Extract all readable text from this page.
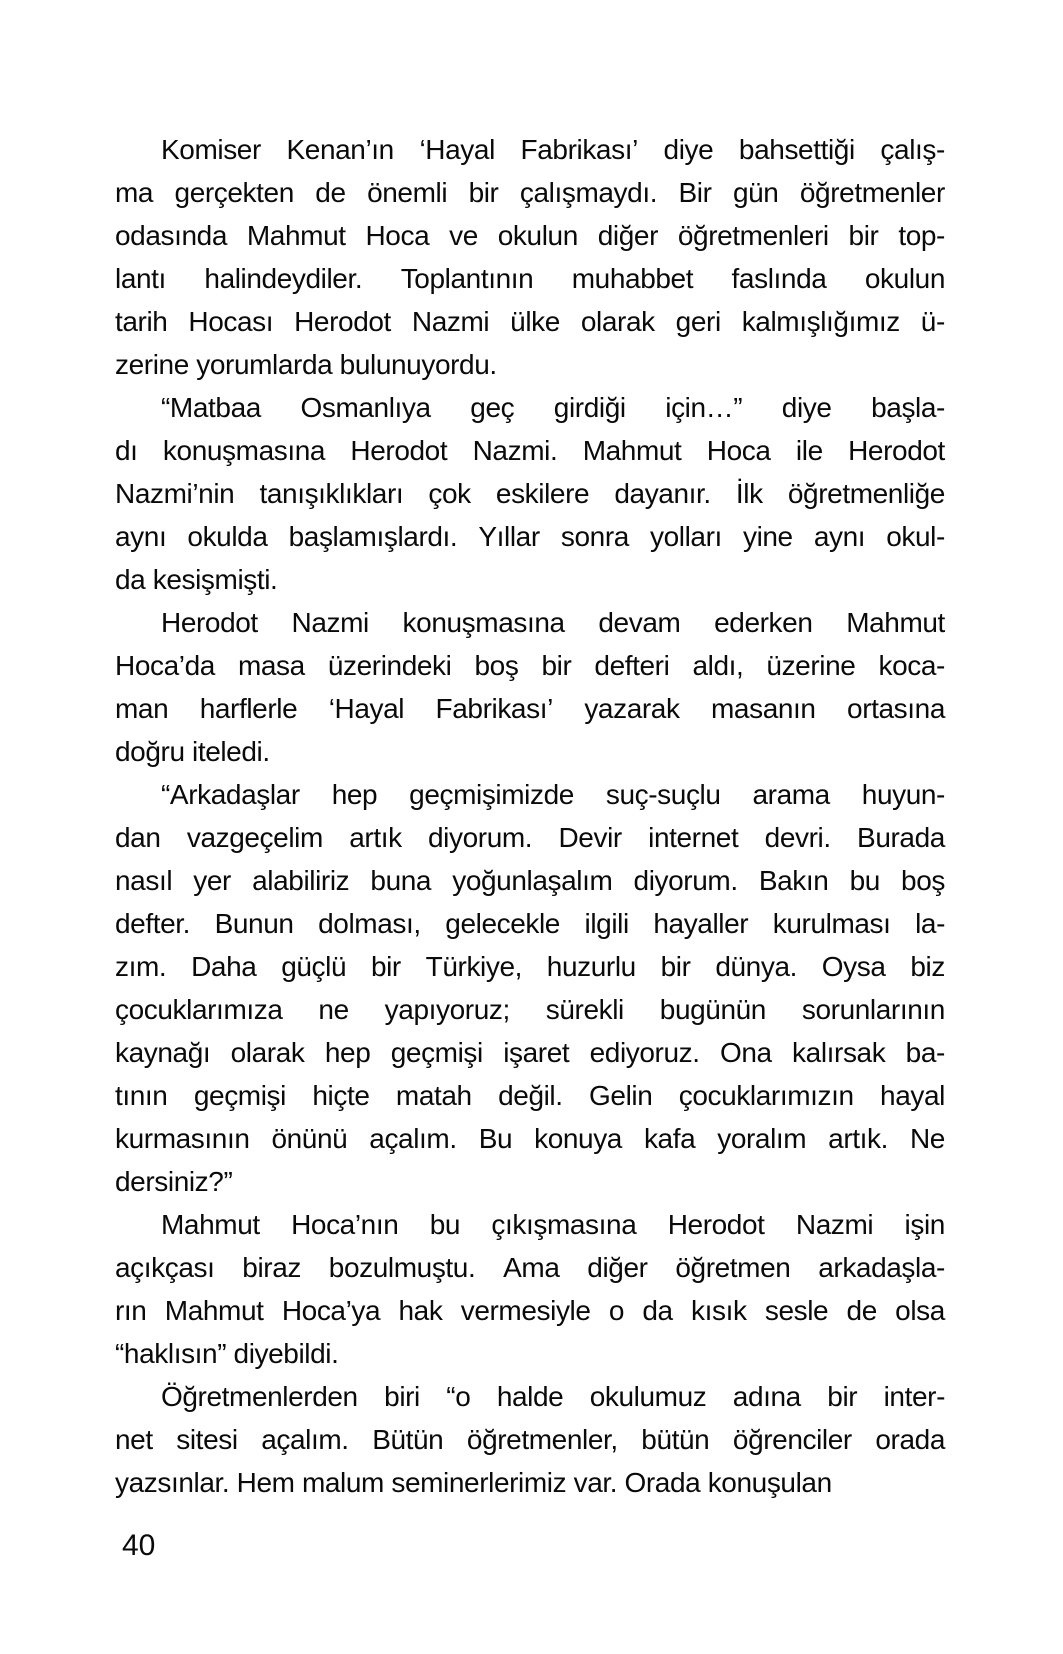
Komiser Kenan’ın ‘Hayal Fabrikası’ diye bahsettiği çalış-
ma gerçekten de önemli bir çalışmaydı. Bir gün öğretmenler
odasında Mahmut Hoca ve okulun diğer öğretmenleri bir top-
lantı halindeydiler. Toplantının muhabbet faslında okulun
tarih Hocası Herodot Nazmi ülke olarak geri kalmışlığımız ü-
zerine yorumlarda bulunuyordu.
“Matbaa Osmanlıya geç girdiği için…” diye başla-
dı konuşmasına Herodot Nazmi. Mahmut Hoca ile Herodot
Nazmi’nin tanışıklıkları çok eskilere dayanır. İlk öğretmenliğe
aynı okulda başlamışlardı. Yıllar sonra yolları yine aynı okul-
da kesişmişti.
Herodot Nazmi konuşmasına devam ederken Mahmut
Hoca’da masa üzerindeki boş bir defteri aldı, üzerine koca-
man harflerle ‘Hayal Fabrikası’ yazarak masanın ortasına
doğru iteledi.
“Arkadaşlar hep geçmişimizde suç-suçlu arama huyun-
dan vazgeçelim artık diyorum. Devir internet devri. Burada
nasıl yer alabiliriz buna yoğunlaşalım diyorum. Bakın bu boş
defter. Bunun dolması, gelecekle ilgili hayaller kurulması la-
zım. Daha güçlü bir Türkiye, huzurlu bir dünya. Oysa biz
çocuklarımıza ne yapıyoruz; sürekli bugünün sorunlarının
kaynağı olarak hep geçmişi işaret ediyoruz. Ona kalırsak ba-
tının geçmişi hiçte matah değil. Gelin çocuklarımızın hayal
kurmasının önünü açalım. Bu konuya kafa yoralım artık. Ne
dersiniz?”
Mahmut Hoca’nın bu çıkışmasına Herodot Nazmi işin
açıkçası biraz bozulmuştu. Ama diğer öğretmen arkadaşla-
rın Mahmut Hoca’ya hak vermesiyle o da kısık sesle de olsa
“haklısın” diyebildi.
Öğretmenlerden biri “o halde okulumuz adına bir inter-
net sitesi açalım. Bütün öğretmenler, bütün öğrenciler orada
yazsınlar. Hem malum seminerlerimiz var. Orada konuşulan
40
